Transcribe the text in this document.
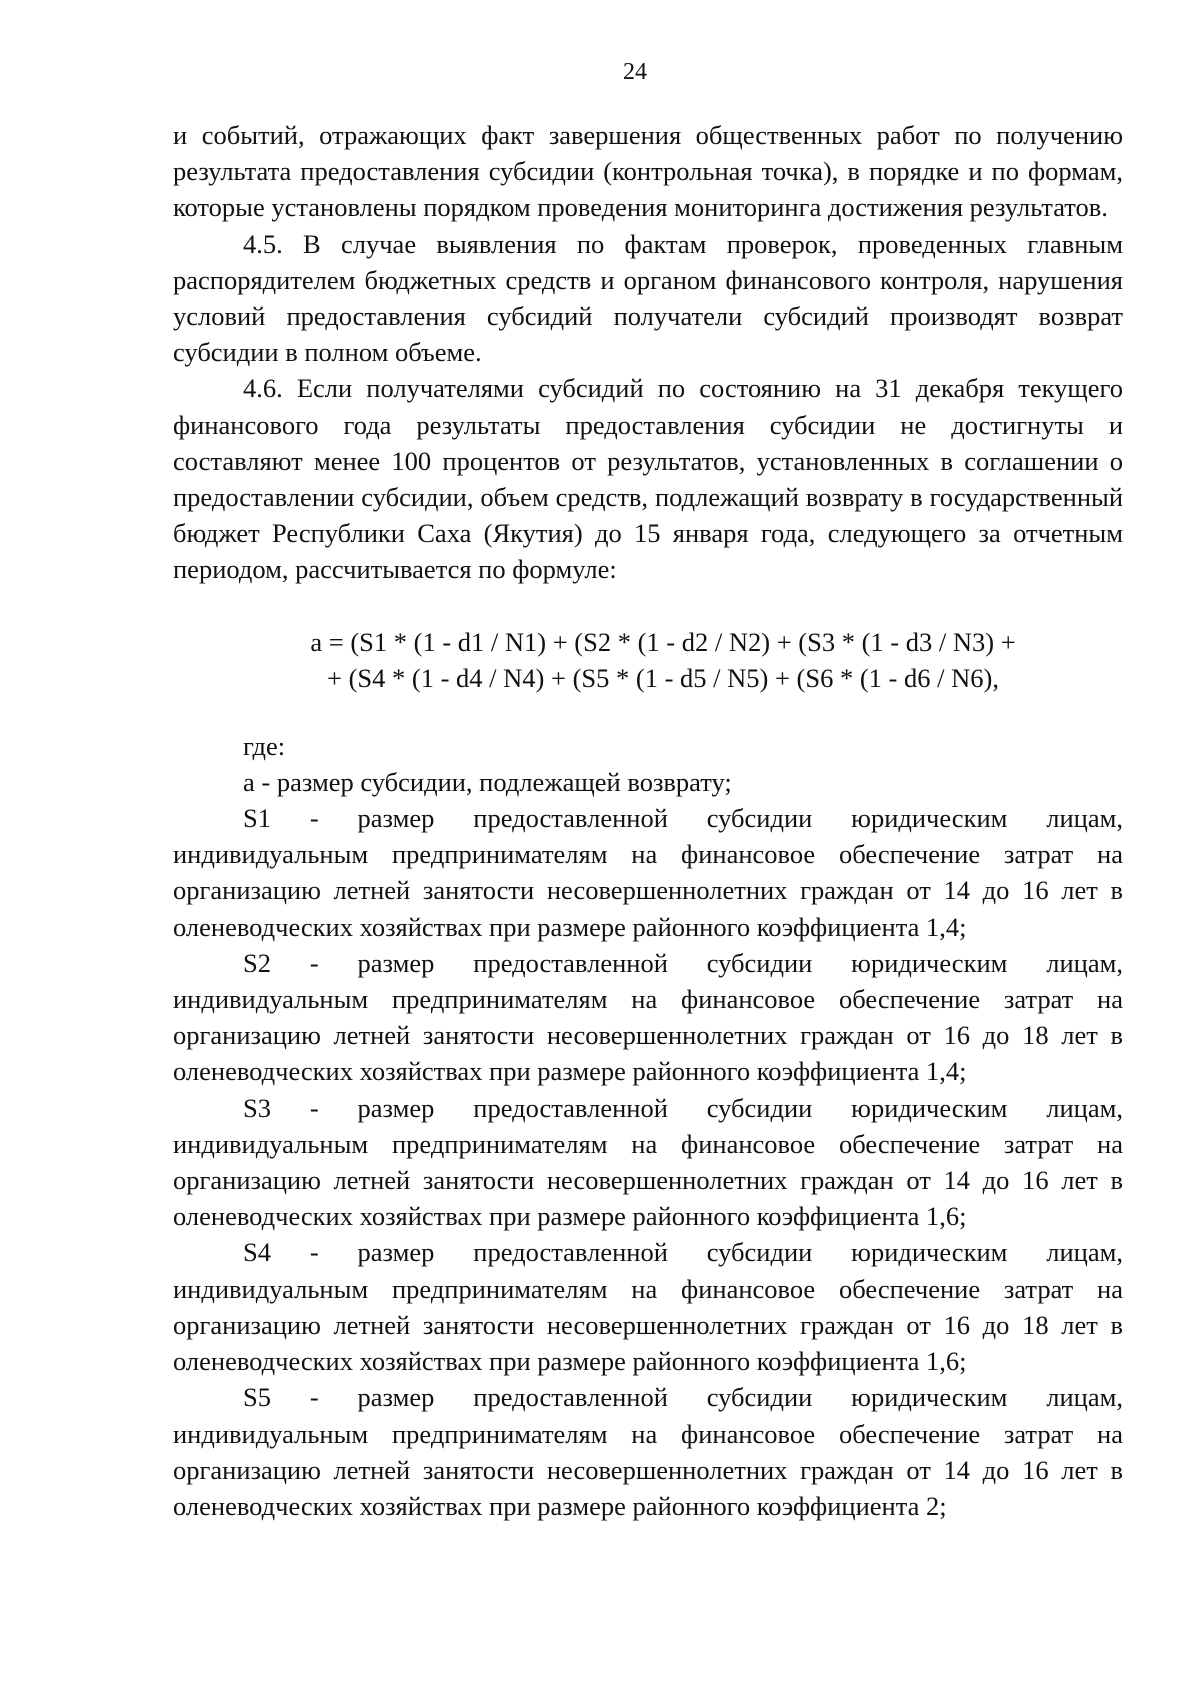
24

и событий, отражающих факт завершения общественных работ по получению результата предоставления субсидии (контрольная точка), в порядке и по формам, которые установлены порядком проведения мониторинга достижения результатов.

4.5. В случае выявления по фактам проверок, проведенных главным распорядителем бюджетных средств и органом финансового контроля, нарушения условий предоставления субсидий получатели субсидий производят возврат субсидии в полном объеме.

4.6. Если получателями субсидий по состоянию на 31 декабря текущего финансового года результаты предоставления субсидии не достигнуты и составляют менее 100 процентов от результатов, установленных в соглашении о предоставлении субсидии, объем средств, подлежащий возврату в государственный бюджет Республики Саха (Якутия) до 15 января года, следующего за отчетным периодом, рассчитывается по формуле:

a = (S1 * (1 - d1 / N1) + (S2 * (1 - d2 / N2) + (S3 * (1 - d3 / N3) +
+ (S4 * (1 - d4 / N4) + (S5 * (1 - d5 / N5) + (S6 * (1 - d6 / N6),

где:

a - размер субсидии, подлежащей возврату;

S1 - размер предоставленной субсидии юридическим лицам, индивидуальным предпринимателям на финансовое обеспечение затрат на организацию летней занятости несовершеннолетних граждан от 14 до 16 лет в оленеводческих хозяйствах при размере районного коэффициента 1,4;

S2 - размер предоставленной субсидии юридическим лицам, индивидуальным предпринимателям на финансовое обеспечение затрат на организацию летней занятости несовершеннолетних граждан от 16 до 18 лет в оленеводческих хозяйствах при размере районного коэффициента 1,4;

S3 - размер предоставленной субсидии юридическим лицам, индивидуальным предпринимателям на финансовое обеспечение затрат на организацию летней занятости несовершеннолетних граждан от 14 до 16 лет в оленеводческих хозяйствах при размере районного коэффициента 1,6;

S4 - размер предоставленной субсидии юридическим лицам, индивидуальным предпринимателям на финансовое обеспечение затрат на организацию летней занятости несовершеннолетних граждан от 16 до 18 лет в оленеводческих хозяйствах при размере районного коэффициента 1,6;

S5 - размер предоставленной субсидии юридическим лицам, индивидуальным предпринимателям на финансовое обеспечение затрат на организацию летней занятости несовершеннолетних граждан от 14 до 16 лет в оленеводческих хозяйствах при размере районного коэффициента 2;
